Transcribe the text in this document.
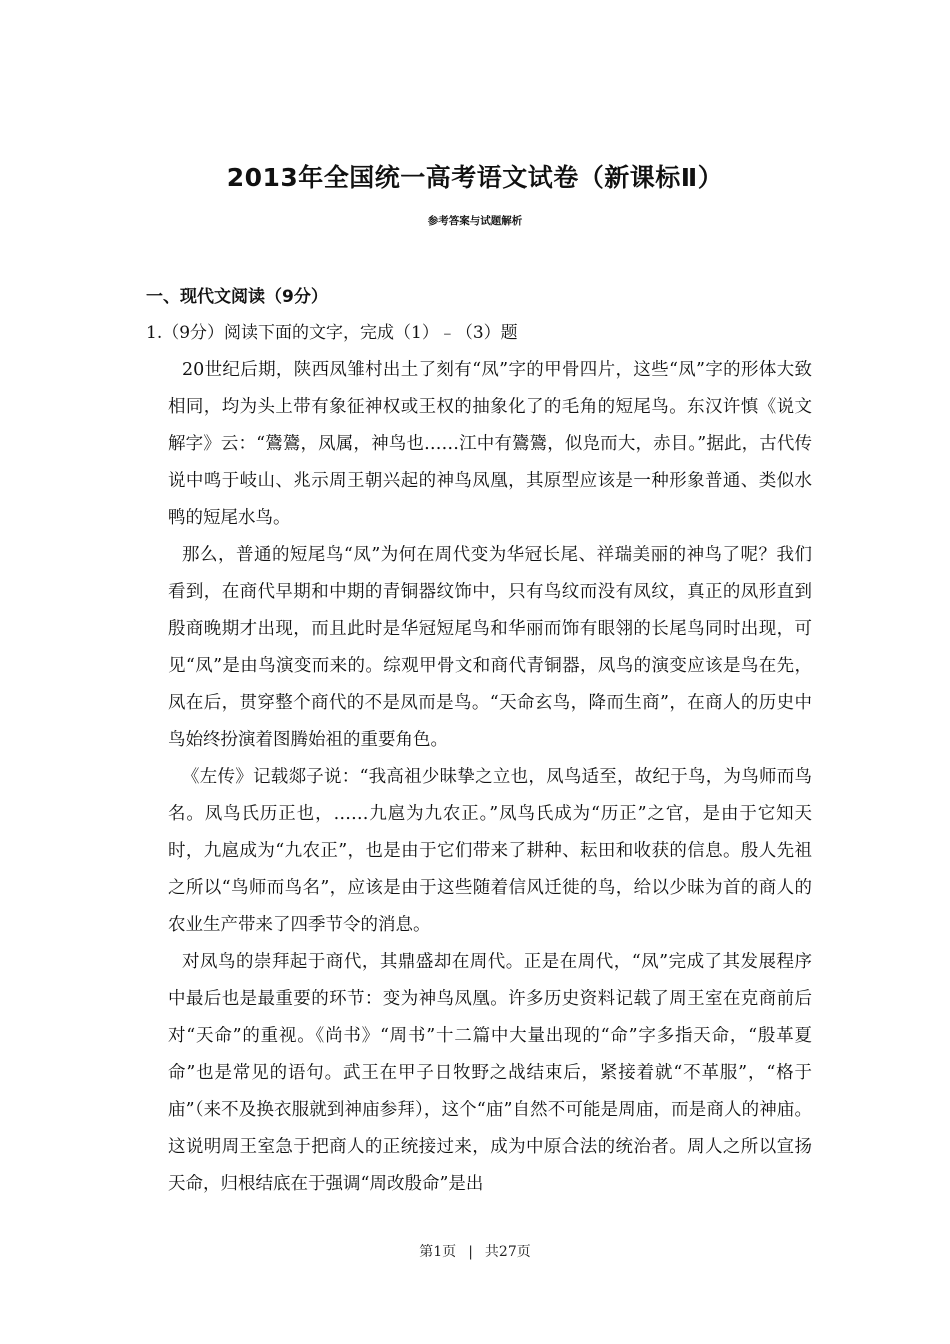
2013年全国统一高考语文试卷（新课标Ⅱ）
参考答案与试题解析
一、现代文阅读（9分）
1.（9分）阅读下面的文字，完成（1）﹣（3）题

20世纪后期，陕西凤雏村出土了刻有“凤”字的甲骨四片，这些“凤”字的形体大致相同，均为头上带有象征神权或王权的抽象化了的毛角的短尾鸟。东汉许慎《说文解字》云：“鷟鷟，凤属，神鸟也……江中有鷟鷟，似凫而大，赤目。”据此，古代传说中鸣于岐山、兆示周王朝兴起的神鸟凤凰，其原型应该是一种形象普通、类似水鸭的短尾水鸟。

那么，普通的短尾鸟“凤”为何在周代变为华冠长尾、祥瑞美丽的神鸟了呢？我们看到，在商代早期和中期的青铜器纹饰中，只有鸟纹而没有凤纹，真正的凤形直到殷商晚期才出现，而且此时是华冠短尾鸟和华丽而饰有眼翎的长尾鸟同时出现，可见“凤”是由鸟演变而来的。综观甲骨文和商代青铜器，凤鸟的演变应该是鸟在先，凤在后，贯穿整个商代的不是凤而是鸟。“天命玄鸟，降而生商”，在商人的历史中鸟始终扮演着图腾始祖的重要角色。

《左传》记载郯子说：“我高祖少昧挚之立也，凤鸟适至，故纪于鸟，为鸟师而鸟名。凤鸟氏历正也，……九扈为九农正。”凤鸟氏成为“历正”之官，是由于它知天时，九扈成为“九农正”，也是由于它们带来了耕种、耘田和收获的信息。殷人先祖之所以“鸟师而鸟名”，应该是由于这些随着信风迁徙的鸟，给以少昧为首的商人的农业生产带来了四季节令的消息。

对凤鸟的崇拜起于商代，其鼎盛却在周代。正是在周代，“凤”完成了其发展程序中最后也是最重要的环节：变为神鸟凤凰。许多历史资料记载了周王室在克商前后对“天命”的重视。《尚书》“周书”十二篇中大量出现的“命”字多指天命，“殷革夏命”也是常见的语句。武王在甲子日牧野之战结束后，紧接着就“不革服”，“格于庙”（来不及换衣服就到神庙参拜），这个“庙”自然不可能是周庙，而是商人的神庙。这说明周王室急于把商人的正统接过来，成为中原合法的统治者。周人之所以宣扬天命，归根结底在于强调“周改殷命”是出

第1页 | 共27页
